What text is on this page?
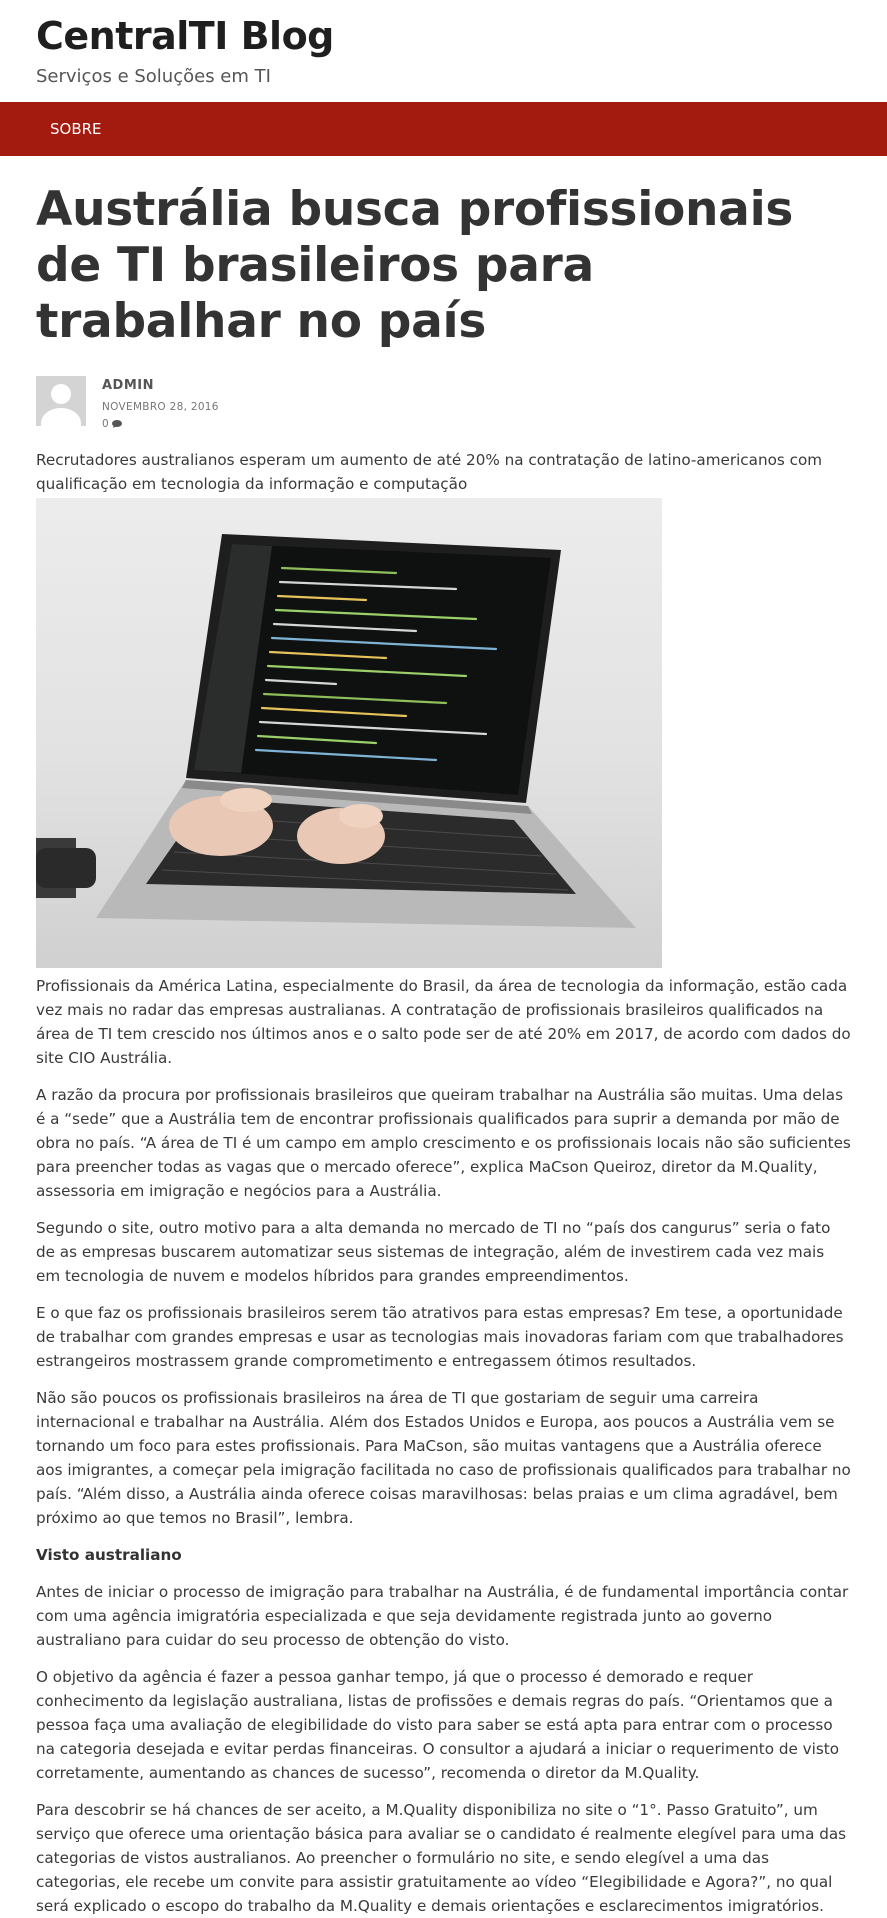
CentralTI Blog
Serviços e Soluções em TI
SOBRE
Austrália busca profissionais de TI brasileiros para trabalhar no país
ADMIN
NOVEMBRO 28, 2016
0

Recrutadores australianos esperam um aumento de até 20% na contratação de latino-americanos com qualificação em tecnologia da informação e computação

Profissionais da América Latina, especialmente do Brasil, da área de tecnologia da informação, estão cada vez mais no radar das empresas australianas. A contratação de profissionais brasileiros qualificados na área de TI tem crescido nos últimos anos e o salto pode ser de até 20% em 2017, de acordo com dados do site CIO Austrália.

A razão da procura por profissionais brasileiros que queiram trabalhar na Austrália são muitas. Uma delas é a “sede” que a Austrália tem de encontrar profissionais qualificados para suprir a demanda por mão de obra no país. “A área de TI é um campo em amplo crescimento e os profissionais locais não são suficientes para preencher todas as vagas que o mercado oferece”, explica MaCson Queiroz, diretor da M.Quality, assessoria em imigração e negócios para a Austrália.

Segundo o site, outro motivo para a alta demanda no mercado de TI no “país dos cangurus” seria o fato de as empresas buscarem automatizar seus sistemas de integração, além de investirem cada vez mais em tecnologia de nuvem e modelos híbridos para grandes empreendimentos.

E o que faz os profissionais brasileiros serem tão atrativos para estas empresas? Em tese, a oportunidade de trabalhar com grandes empresas e usar as tecnologias mais inovadoras fariam com que trabalhadores estrangeiros mostrassem grande comprometimento e entregassem ótimos resultados.

Não são poucos os profissionais brasileiros na área de TI que gostariam de seguir uma carreira internacional e trabalhar na Austrália. Além dos Estados Unidos e Europa, aos poucos a Austrália vem se tornando um foco para estes profissionais. Para MaCson, são muitas vantagens que a Austrália oferece aos imigrantes, a começar pela imigração facilitada no caso de profissionais qualificados para trabalhar no país. “Além disso, a Austrália ainda oferece coisas maravilhosas: belas praias e um clima agradável, bem próximo ao que temos no Brasil”, lembra.

Visto australiano

Antes de iniciar o processo de imigração para trabalhar na Austrália, é de fundamental importância contar com uma agência imigratória especializada e que seja devidamente registrada junto ao governo australiano para cuidar do seu processo de obtenção do visto.

O objetivo da agência é fazer a pessoa ganhar tempo, já que o processo é demorado e requer conhecimento da legislação australiana, listas de profissões e demais regras do país. “Orientamos que a pessoa faça uma avaliação de elegibilidade do visto para saber se está apta para entrar com o processo na categoria desejada e evitar perdas financeiras. O consultor a ajudará a iniciar o requerimento de visto corretamente, aumentando as chances de sucesso”, recomenda o diretor da M.Quality.

Para descobrir se há chances de ser aceito, a M.Quality disponibiliza no site o “1°. Passo Gratuito”, um serviço que oferece uma orientação básica para avaliar se o candidato é realmente elegível para uma das categorias de vistos australianos. Ao preencher o formulário no site, e sendo elegível a uma das categorias, ele recebe um convite para assistir gratuitamente ao vídeo “Elegibilidade e Agora?”, no qual será explicado o escopo do trabalho da M.Quality e demais orientações e esclarecimentos imigratórios.
